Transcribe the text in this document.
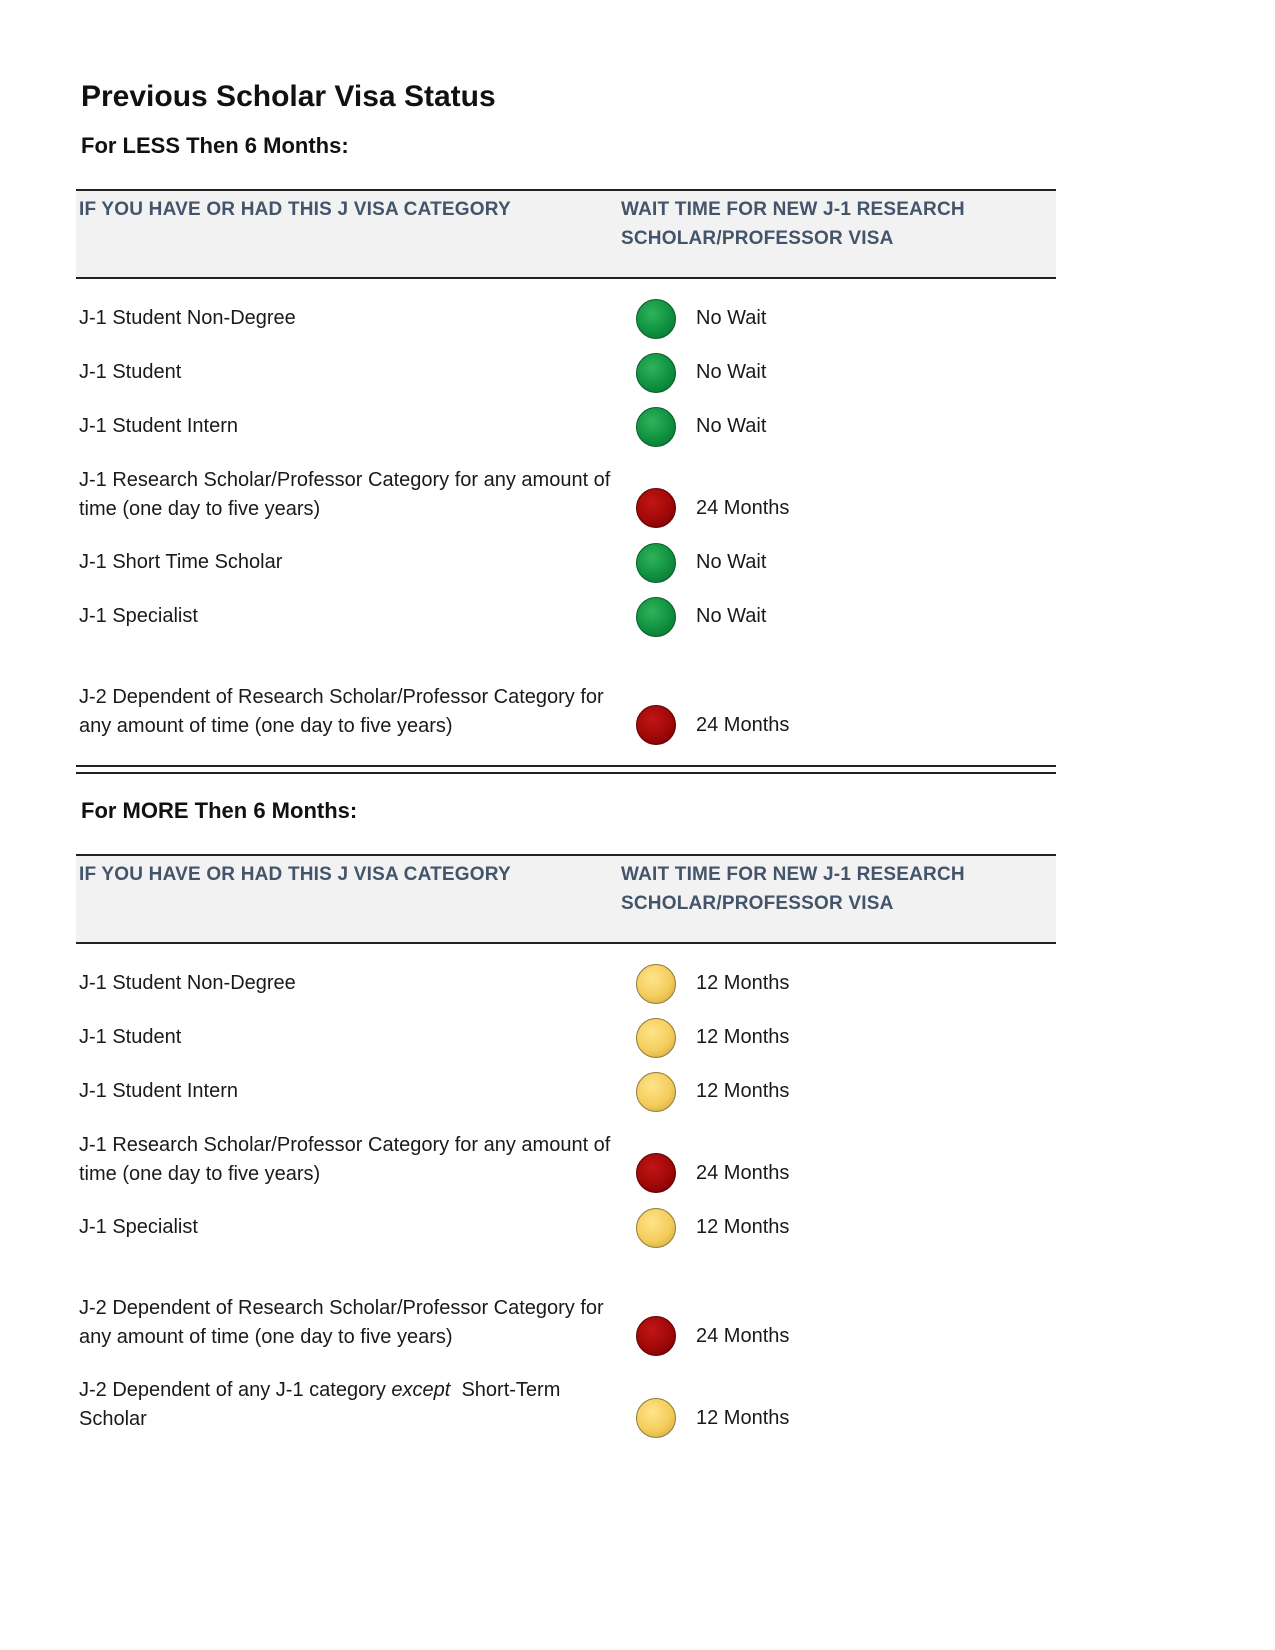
Previous Scholar Visa Status
For LESS Then 6 Months:
IF YOU HAVE OR HAD THIS J VISA CATEGORY	WAIT TIME FOR NEW J-1 RESEARCH SCHOLAR/PROFESSOR VISA
J-1 Student Non-Degree	No Wait
J-1 Student	No Wait
J-1 Student Intern	No Wait
J-1 Research Scholar/Professor Category for any amount of time (one day to five years)	24 Months
J-1 Short Time Scholar	No Wait
J-1 Specialist	No Wait
J-2 Dependent of Research Scholar/Professor Category for any amount of time (one day to five years)	24 Months
For MORE Then 6 Months:
IF YOU HAVE OR HAD THIS J VISA CATEGORY	WAIT TIME FOR NEW J-1 RESEARCH SCHOLAR/PROFESSOR VISA
J-1 Student Non-Degree	12 Months
J-1 Student	12 Months
J-1 Student Intern	12 Months
J-1 Research Scholar/Professor Category for any amount of time (one day to five years)	24 Months
J-1 Specialist	12 Months
J-2 Dependent of Research Scholar/Professor Category for any amount of time (one day to five years)	24 Months
J-2 Dependent of any J-1 category except  Short-Term Scholar	12 Months
